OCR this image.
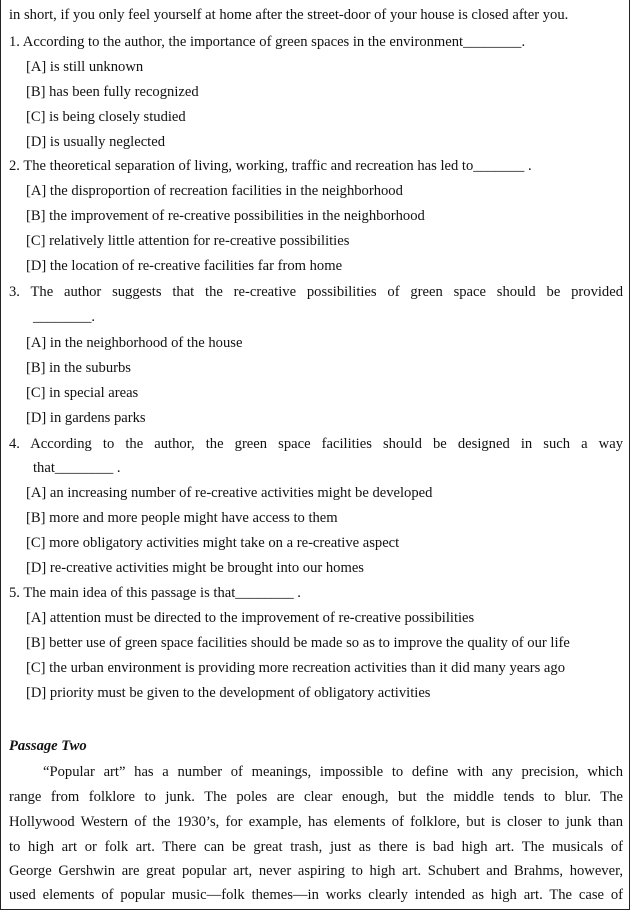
in short, if you only feel yourself at home after the street-door of your house is closed after you.
1. According to the author, the importance of green spaces in the environment________.
[A] is still unknown
[B] has been fully recognized
[C] is being closely studied
[D] is usually neglected
2. The theoretical separation of living, working, traffic and recreation has led to_______ .
[A] the disproportion of recreation facilities in the neighborhood
[B] the improvement of re-creative possibilities in the neighborhood
[C] relatively little attention for re-creative possibilities
[D] the location of re-creative facilities far from home
3. The author suggests that the re-creative possibilities of green space should be provided
________.
[A] in the neighborhood of the house
[B] in the suburbs
[C] in special areas
[D] in gardens parks
4. According to the author, the green space facilities should be designed in such a way
that________ .
[A] an increasing number of re-creative activities might be developed
[B] more and more people might have access to them
[C] more obligatory activities might take on a re-creative aspect
[D] re-creative activities might be brought into our homes
5. The main idea of this passage is that________ .
[A] attention must be directed to the improvement of re-creative possibilities
[B] better use of green space facilities should be made so as to improve the quality of our life
[C] the urban environment is providing more recreation activities than it did many years ago
[D] priority must be given to the development of obligatory activities
Passage Two
“Popular art” has a number of meanings, impossible to define with any precision, which
range from folklore to junk. The poles are clear enough, but the middle tends to blur. The
Hollywood Western of the 1930’s, for example, has elements of folklore, but is closer to junk than
to high art or folk art. There can be great trash, just as there is bad high art. The musicals of
George Gershwin are great popular art, never aspiring to high art. Schubert and Brahms, however,
used elements of popular music—folk themes—in works clearly intended as high art. The case of
